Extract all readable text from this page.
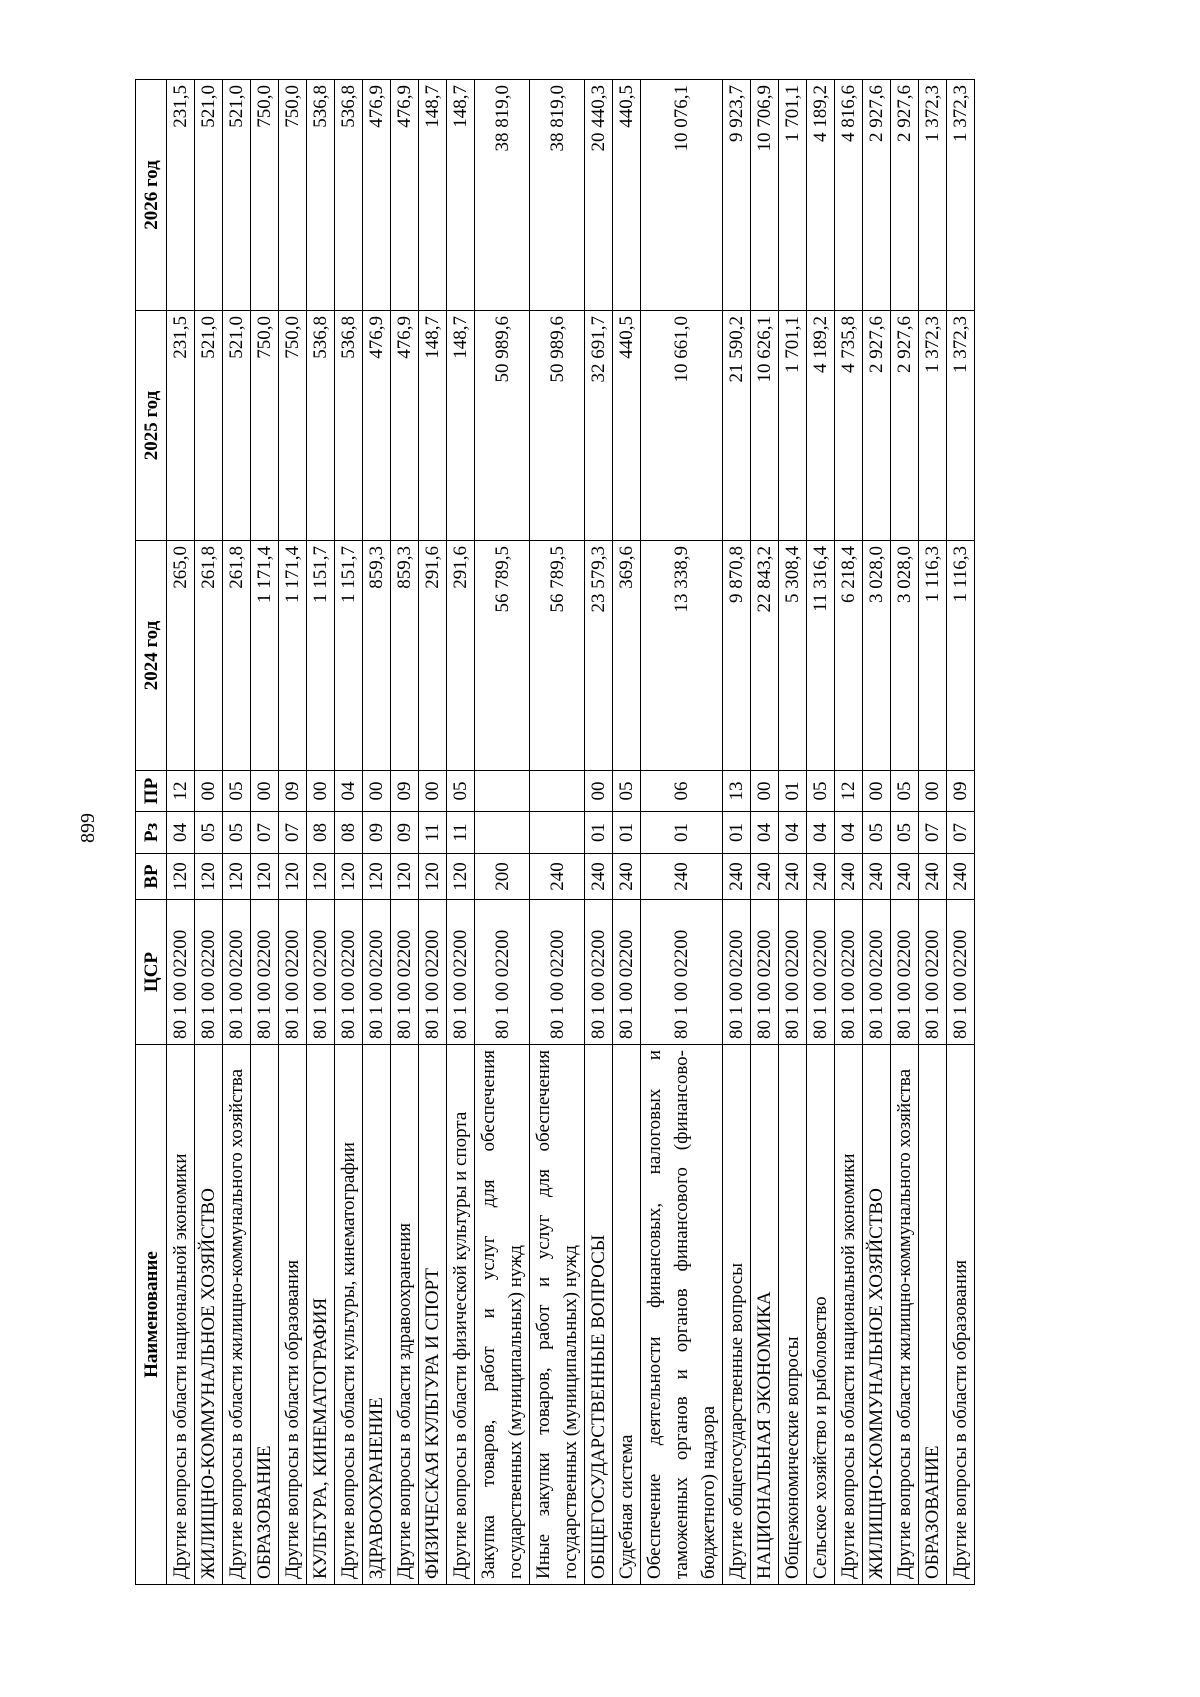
899
Наименование	ЦСР	ВР	Рз	ПР	2024 год	2025 год	2026 год
Другие вопросы в области национальной экономики	80 1 00 02200	120	04	12	265,0	231,5	231,5
ЖИЛИЩНО-КОММУНАЛЬНОЕ ХОЗЯЙСТВО	80 1 00 02200	120	05	00	261,8	521,0	521,0
Другие вопросы в области жилищно-коммунального хозяйства	80 1 00 02200	120	05	05	261,8	521,0	521,0
ОБРАЗОВАНИЕ	80 1 00 02200	120	07	00	1 171,4	750,0	750,0
Другие вопросы в области образования	80 1 00 02200	120	07	09	1 171,4	750,0	750,0
КУЛЬТУРА, КИНЕМАТОГРАФИЯ	80 1 00 02200	120	08	00	1 151,7	536,8	536,8
Другие вопросы в области культуры, кинематографии	80 1 00 02200	120	08	04	1 151,7	536,8	536,8
ЗДРАВООХРАНЕНИЕ	80 1 00 02200	120	09	00	859,3	476,9	476,9
Другие вопросы в области здравоохранения	80 1 00 02200	120	09	09	859,3	476,9	476,9
ФИЗИЧЕСКАЯ КУЛЬТУРА И СПОРТ	80 1 00 02200	120	11	00	291,6	148,7	148,7
Другие вопросы в области физической культуры и спорта	80 1 00 02200	120	11	05	291,6	148,7	148,7
Закупка товаров, работ и услуг для обеспечения государственных (муниципальных) нужд	80 1 00 02200	200			56 789,5	50 989,6	38 819,0
Иные закупки товаров, работ и услуг для обеспечения государственных (муниципальных) нужд	80 1 00 02200	240			56 789,5	50 989,6	38 819,0
ОБЩЕГОСУДАРСТВЕННЫЕ ВОПРОСЫ	80 1 00 02200	240	01	00	23 579,3	32 691,7	20 440,3
Судебная система	80 1 00 02200	240	01	05	369,6	440,5	440,5
Обеспечение деятельности финансовых, налоговых и таможенных органов и органов финансового (финансово-бюджетного) надзора	80 1 00 02200	240	01	06	13 338,9	10 661,0	10 076,1
Другие общегосударственные вопросы	80 1 00 02200	240	01	13	9 870,8	21 590,2	9 923,7
НАЦИОНАЛЬНАЯ ЭКОНОМИКА	80 1 00 02200	240	04	00	22 843,2	10 626,1	10 706,9
Общеэкономические вопросы	80 1 00 02200	240	04	01	5 308,4	1 701,1	1 701,1
Сельское хозяйство и рыболовство	80 1 00 02200	240	04	05	11 316,4	4 189,2	4 189,2
Другие вопросы в области национальной экономики	80 1 00 02200	240	04	12	6 218,4	4 735,8	4 816,6
ЖИЛИЩНО-КОММУНАЛЬНОЕ ХОЗЯЙСТВО	80 1 00 02200	240	05	00	3 028,0	2 927,6	2 927,6
Другие вопросы в области жилищно-коммунального хозяйства	80 1 00 02200	240	05	05	3 028,0	2 927,6	2 927,6
ОБРАЗОВАНИЕ	80 1 00 02200	240	07	00	1 116,3	1 372,3	1 372,3
Другие вопросы в области образования	80 1 00 02200	240	07	09	1 116,3	1 372,3	1 372,3
